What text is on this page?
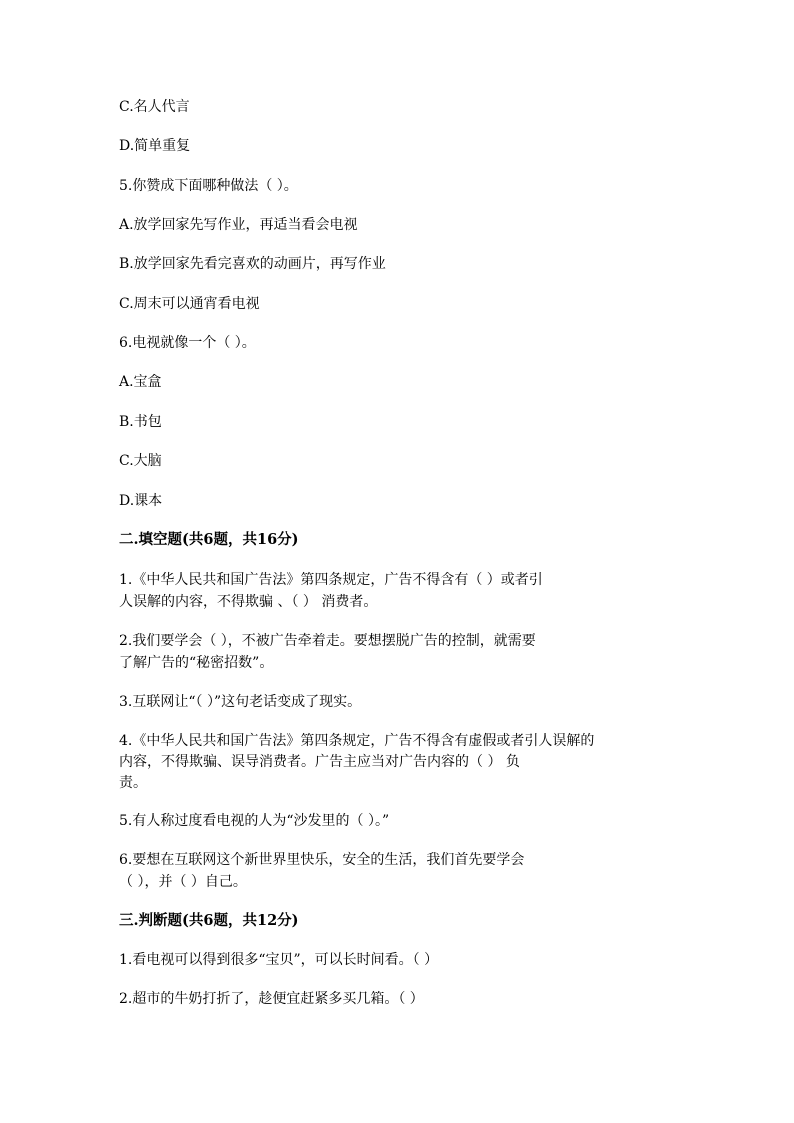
C.名人代言
D.简单重复
5.你赞成下面哪种做法（ ）。
A.放学回家先写作业，再适当看会电视
B.放学回家先看完喜欢的动画片，再写作业
C.周末可以通宵看电视
6.电视就像一个（ ）。
A.宝盒
B.书包
C.大脑
D.课本
二.填空题(共6题，共16分)
1.《中华人民共和国广告法》第四条规定，广告不得含有（ ）或者引
人误解的内容，不得欺骗 、（ ） 消费者。
2.我们要学会（ ），不被广告牵着走。要想摆脱广告的控制，就需要
了解广告的“秘密招数”。
3.互联网让“（ ）”这句老话变成了现实。
4.《中华人民共和国广告法》第四条规定，广告不得含有虚假或者引人误解的
内容，不得欺骗、误导消费者。广告主应当对广告内容的（ ） 负
责。
5.有人称过度看电视的人为“沙发里的（ ）。”
6.要想在互联网这个新世界里快乐，安全的生活，我们首先要学会
（ ），并（ ）自己。
三.判断题(共6题，共12分)
1.看电视可以得到很多“宝贝”，可以长时间看。（ ）
2.超市的牛奶打折了，趁便宜赶紧多买几箱。（ ）
